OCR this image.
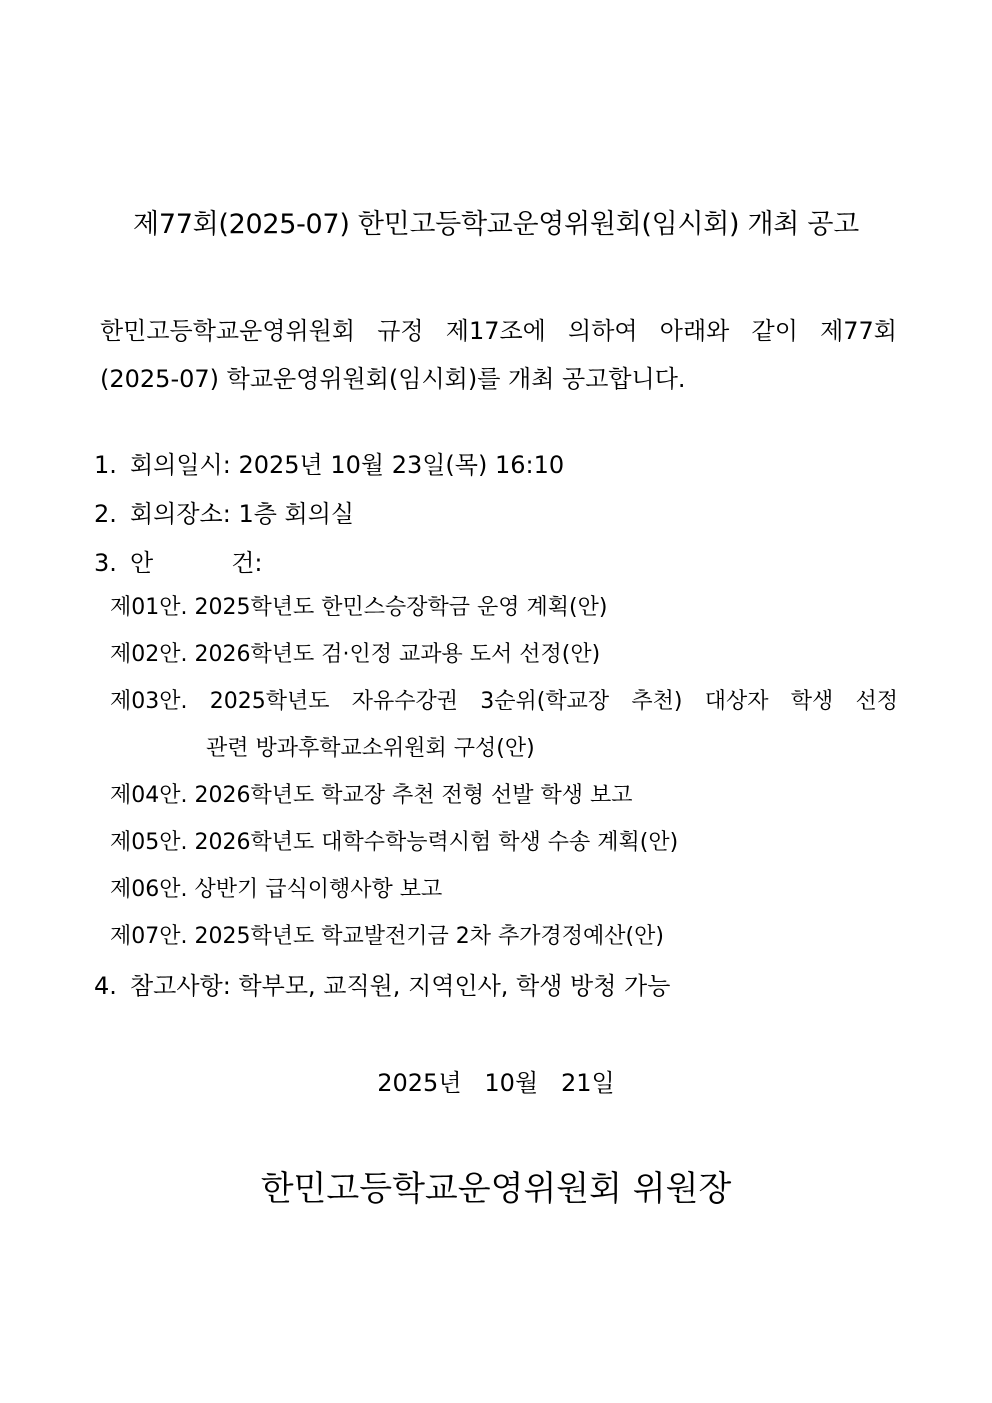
제77회(2025-07) 한민고등학교운영위원회(임시회) 개최 공고
한민고등학교운영위원회 규정 제17조에 의하여 아래와 같이 제77회
(2025-07) 학교운영위원회(임시회)를 개최 공고합니다.
1. 회의일시: 2025년 10월 23일(목) 16:10
2. 회의장소: 1층 회의실
3. 안	건:
제01안. 2025학년도 한민스승장학금 운영 계획(안)
제02안. 2026학년도 검·인정 교과용 도서 선정(안)
제03안. 2025학년도 자유수강권 3순위(학교장 추천) 대상자 학생 선정
관련 방과후학교소위원회 구성(안)
제04안. 2026학년도 학교장 추천 전형 선발 학생 보고
제05안. 2026학년도 대학수학능력시험 학생 수송 계획(안)
제06안. 상반기 급식이행사항 보고
제07안. 2025학년도 학교발전기금 2차 추가경정예산(안)
4. 참고사항: 학부모, 교직원, 지역인사, 학생 방청 가능
2025년   10월   21일
한민고등학교운영위원회 위원장
